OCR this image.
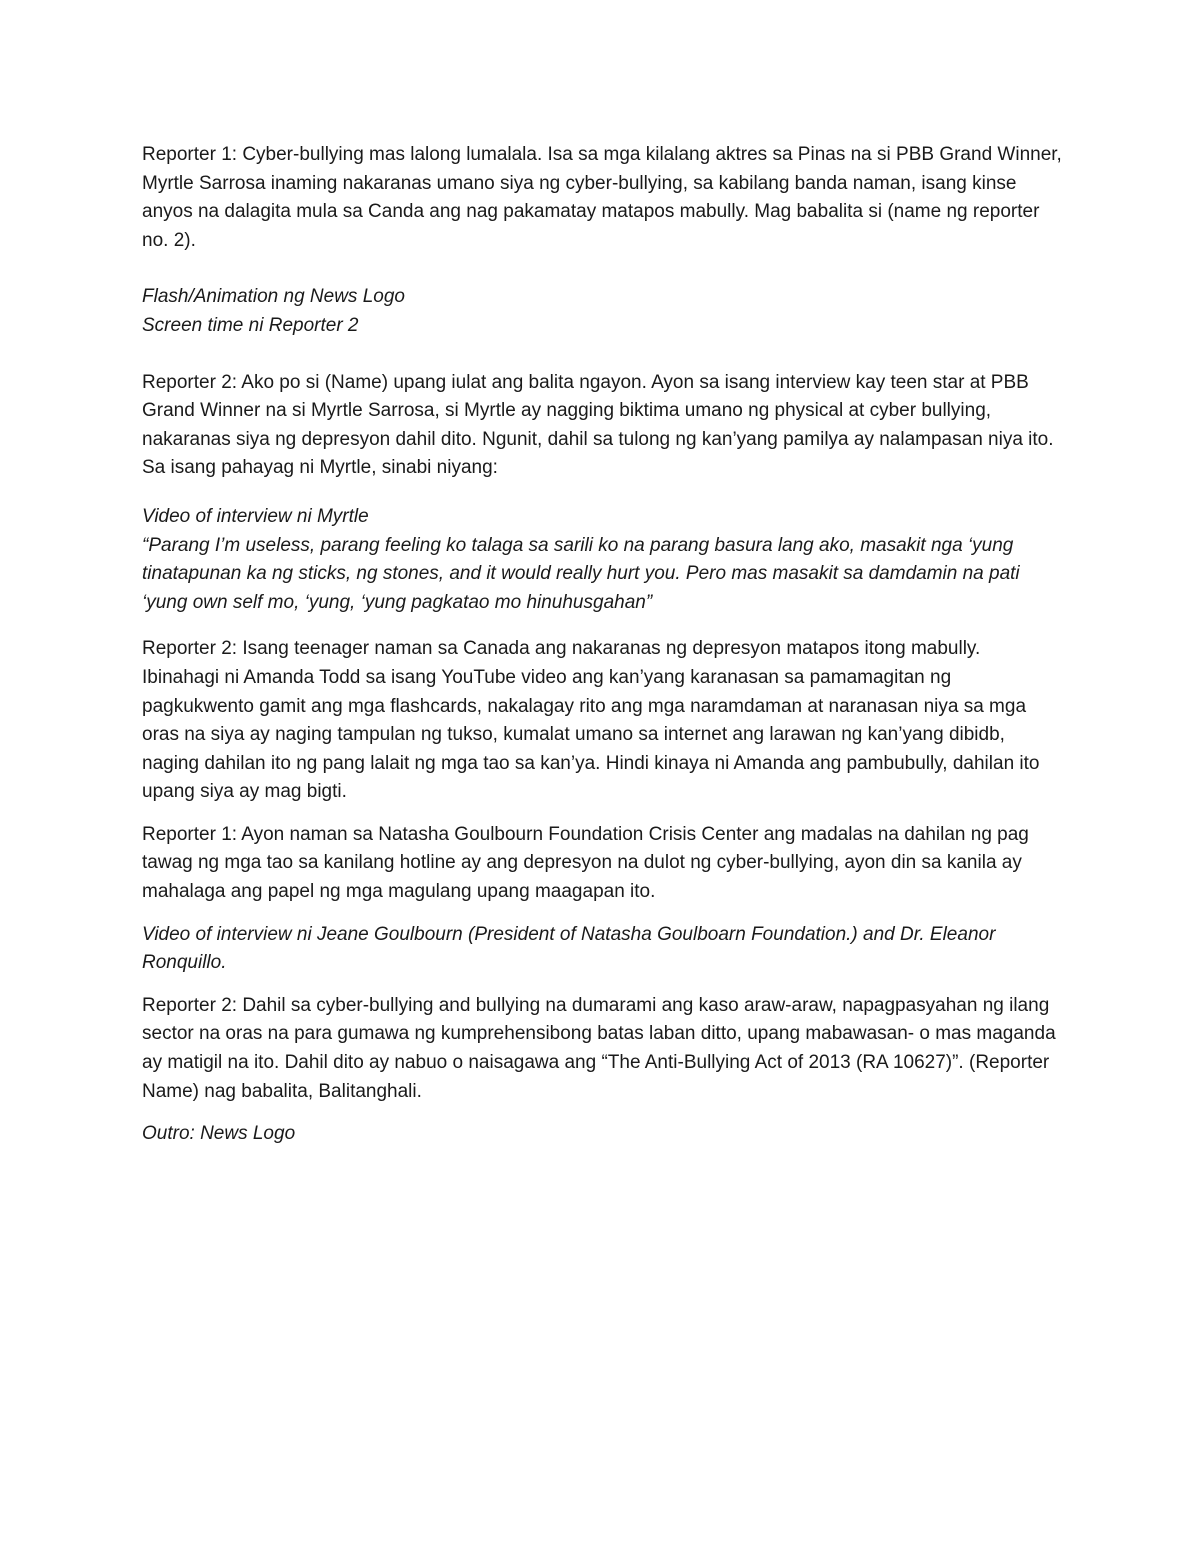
Reporter 1: Cyber-bullying mas lalong lumalala. Isa sa mga kilalang aktres sa Pinas na si PBB Grand Winner, Myrtle Sarrosa inaming nakaranas umano siya ng cyber-bullying, sa kabilang banda naman, isang kinse anyos na dalagita mula sa Canda ang nag pakamatay matapos mabully. Mag babalita si (name ng reporter no. 2).

Flash/Animation ng News Logo

Screen time ni Reporter 2

Reporter 2: Ako po si (Name) upang iulat ang balita ngayon. Ayon sa isang interview kay teen star at PBB Grand Winner na si Myrtle Sarrosa, si Myrtle ay nagging biktima umano ng physical at cyber bullying, nakaranas siya ng depresyon dahil dito. Ngunit, dahil sa tulong ng kan’yang pamilya ay nalampasan niya ito. Sa isang pahayag ni Myrtle, sinabi niyang:

Video of interview ni Myrtle

“Parang I’m useless, parang feeling ko talaga sa sarili ko na parang basura lang ako, masakit nga ‘yung tinatapunan ka ng sticks, ng stones, and it would really hurt you. Pero mas masakit sa damdamin na pati ‘yung own self mo, ‘yung, ‘yung pagkatao mo hinuhusgahan”

Reporter 2: Isang teenager naman sa Canada ang nakaranas ng depresyon matapos itong mabully. Ibinahagi ni Amanda Todd sa isang YouTube video ang kan’yang karanasan sa pamamagitan ng pagkukwento gamit ang mga flashcards, nakalagay rito ang mga naramdaman at naranasan niya sa mga oras na siya ay naging tampulan ng tukso, kumalat umano sa internet ang larawan ng kan’yang dibidb, naging dahilan ito ng pang lalait ng mga tao sa kan’ya. Hindi kinaya ni Amanda ang pambubully, dahilan ito upang siya ay mag bigti.

Reporter 1: Ayon naman sa Natasha Goulbourn Foundation Crisis Center ang madalas na dahilan ng pag tawag ng mga tao sa kanilang hotline ay ang depresyon na dulot ng cyber-bullying, ayon din sa kanila ay mahalaga ang papel ng mga magulang upang maagapan ito.

Video of interview ni Jeane Goulbourn (President of Natasha Goulboarn Foundation.) and Dr. Eleanor Ronquillo.

Reporter 2: Dahil sa cyber-bullying and bullying na dumarami ang kaso araw-araw, napagpasyahan ng ilang sector na oras na para gumawa ng kumprehensibong batas laban ditto, upang mabawasan- o mas maganda ay matigil na ito. Dahil dito ay nabuo o naisagawa ang “The Anti-Bullying Act of 2013 (RA 10627)”. (Reporter Name) nag babalita, Balitanghali.

Outro: News Logo
